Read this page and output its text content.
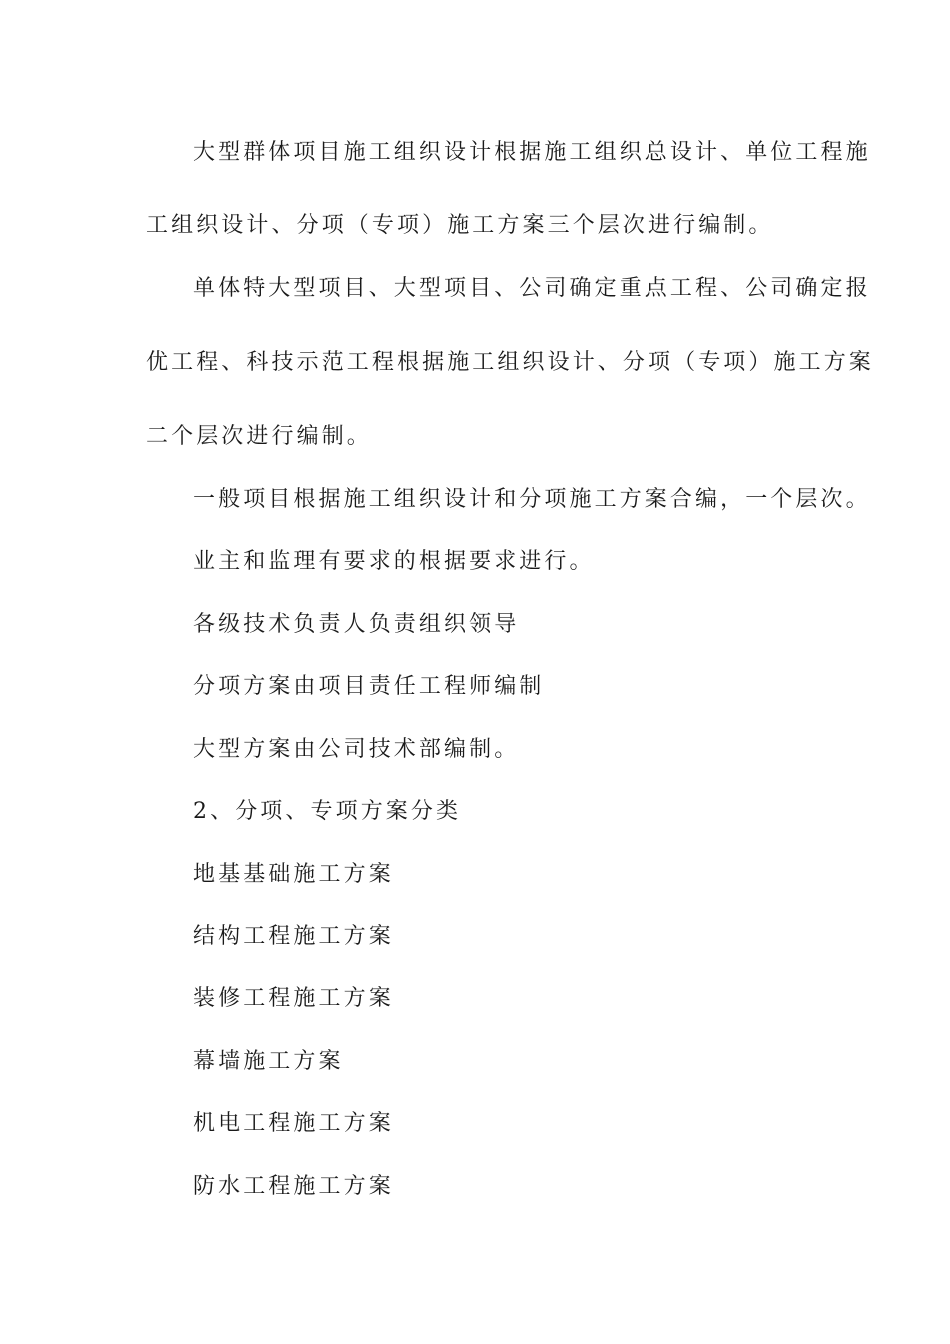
大型群体项目施工组织设计根据施工组织总设计、单位工程施
工组织设计、分项（专项）施工方案三个层次进行编制。
单体特大型项目、大型项目、公司确定重点工程、公司确定报
优工程、科技示范工程根据施工组织设计、分项（专项）施工方案
二个层次进行编制。
一般项目根据施工组织设计和分项施工方案合编，一个层次。
业主和监理有要求的根据要求进行。
各级技术负责人负责组织领导
分项方案由项目责任工程师编制
大型方案由公司技术部编制。
2、分项、专项方案分类
地基基础施工方案
结构工程施工方案
装修工程施工方案
幕墙施工方案
机电工程施工方案
防水工程施工方案
